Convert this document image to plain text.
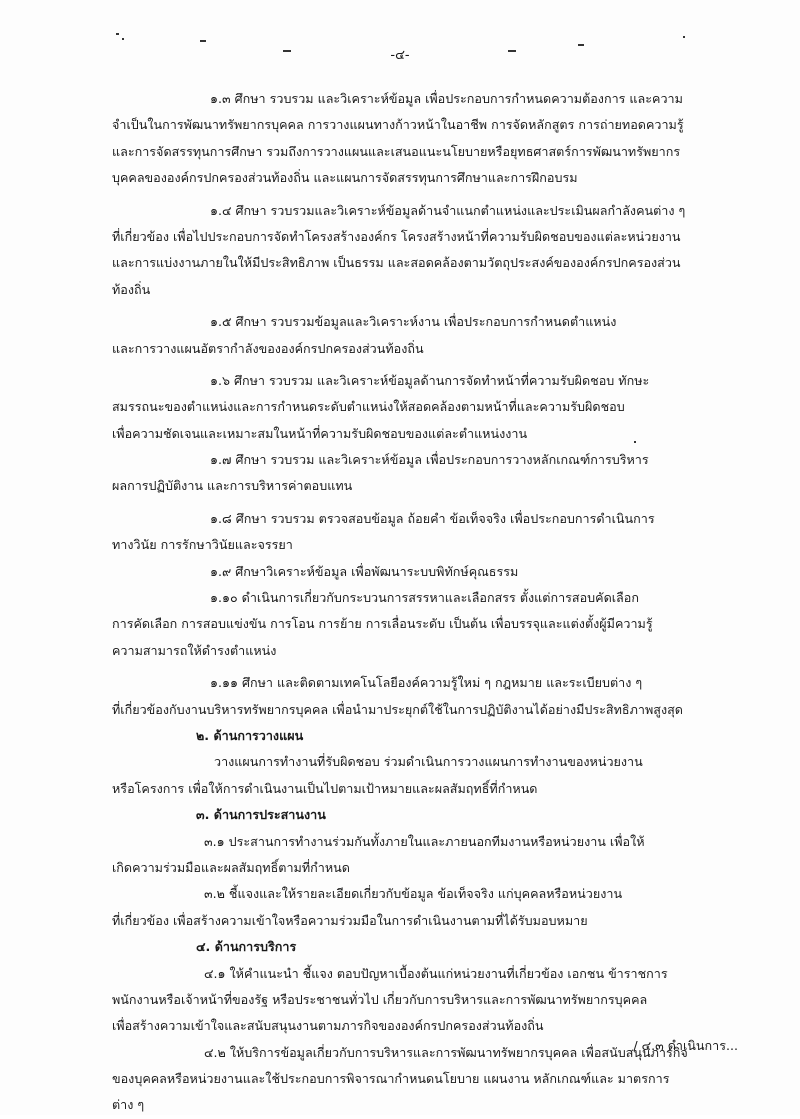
-๔-
๑.๓ ศึกษา รวบรวม และวิเคราะห์ข้อมูล เพื่อประกอบการกำหนดความต้องการ และความ
จำเป็นในการพัฒนาทรัพยากรบุคคล การวางแผนทางก้าวหน้าในอาชีพ การจัดหลักสูตร การถ่ายทอดความรู้
และการจัดสรรทุนการศึกษา รวมถึงการวางแผนและเสนอแนะนโยบายหรือยุทธศาสตร์การพัฒนาทรัพยากร
บุคคลขององค์กรปกครองส่วนท้องถิ่น และแผนการจัดสรรทุนการศึกษาและการฝึกอบรม
๑.๔ ศึกษา รวบรวมและวิเคราะห์ข้อมูลด้านจำแนกตำแหน่งและประเมินผลกำลังคนต่าง ๆ
ที่เกี่ยวข้อง เพื่อไปประกอบการจัดทำโครงสร้างองค์กร โครงสร้างหน้าที่ความรับผิดชอบของแต่ละหน่วยงาน
และการแบ่งงานภายในให้มีประสิทธิภาพ เป็นธรรม และสอดคล้องตามวัตถุประสงค์ขององค์กรปกครองส่วน
ท้องถิ่น
๑.๕ ศึกษา รวบรวมข้อมูลและวิเคราะห์งาน เพื่อประกอบการกำหนดตำแหน่ง
และการวางแผนอัตรากำลังขององค์กรปกครองส่วนท้องถิ่น
๑.๖ ศึกษา รวบรวม และวิเคราะห์ข้อมูลด้านการจัดทำหน้าที่ความรับผิดชอบ ทักษะ
สมรรถนะของตำแหน่งและการกำหนดระดับตำแหน่งให้สอดคล้องตามหน้าที่และความรับผิดชอบ
เพื่อความชัดเจนและเหมาะสมในหน้าที่ความรับผิดชอบของแต่ละตำแหน่งงาน
๑.๗ ศึกษา รวบรวม และวิเคราะห์ข้อมูล เพื่อประกอบการวางหลักเกณฑ์การบริหาร
ผลการปฏิบัติงาน และการบริหารค่าตอบแทน
๑.๘ ศึกษา รวบรวม ตรวจสอบข้อมูล ถ้อยคำ ข้อเท็จจริง เพื่อประกอบการดำเนินการ
ทางวินัย การรักษาวินัยและจรรยา
๑.๙ ศึกษาวิเคราะห์ข้อมูล เพื่อพัฒนาระบบพิทักษ์คุณธรรม
๑.๑๐ ดำเนินการเกี่ยวกับกระบวนการสรรหาและเลือกสรร ตั้งแต่การสอบคัดเลือก
การคัดเลือก การสอบแข่งขัน การโอน การย้าย การเลื่อนระดับ เป็นต้น เพื่อบรรจุและแต่งตั้งผู้มีความรู้
ความสามารถให้ดำรงตำแหน่ง
๑.๑๑ ศึกษา และติดตามเทคโนโลยีองค์ความรู้ใหม่ ๆ กฎหมาย และระเบียบต่าง ๆ
ที่เกี่ยวข้องกับงานบริหารทรัพยากรบุคคล เพื่อนำมาประยุกต์ใช้ในการปฏิบัติงานได้อย่างมีประสิทธิภาพสูงสุด
๒. ด้านการวางแผน
วางแผนการทำงานที่รับผิดชอบ ร่วมดำเนินการวางแผนการทำงานของหน่วยงาน
หรือโครงการ เพื่อให้การดำเนินงานเป็นไปตามเป้าหมายและผลสัมฤทธิ์ที่กำหนด
๓. ด้านการประสานงาน
๓.๑ ประสานการทำงานร่วมกันทั้งภายในและภายนอกทีมงานหรือหน่วยงาน เพื่อให้
เกิดความร่วมมือและผลสัมฤทธิ์ตามที่กำหนด
๓.๒ ชี้แจงและให้รายละเอียดเกี่ยวกับข้อมูล ข้อเท็จจริง แก่บุคคลหรือหน่วยงาน
ที่เกี่ยวข้อง เพื่อสร้างความเข้าใจหรือความร่วมมือในการดำเนินงานตามที่ได้รับมอบหมาย
๔. ด้านการบริการ
๔.๑ ให้คำแนะนำ ชี้แจง ตอบปัญหาเบื้องต้นแก่หน่วยงานที่เกี่ยวข้อง เอกชน ข้าราชการ
พนักงานหรือเจ้าหน้าที่ของรัฐ หรือประชาชนทั่วไป เกี่ยวกับการบริหารและการพัฒนาทรัพยากรบุคคล
เพื่อสร้างความเข้าใจและสนับสนุนงานตามภารกิจขององค์กรปกครองส่วนท้องถิ่น
๔.๒ ให้บริการข้อมูลเกี่ยวกับการบริหารและการพัฒนาทรัพยากรบุคคล เพื่อสนับสนุนภารกิจ
ของบุคคลหรือหน่วยงานและใช้ประกอบการพิจารณากำหนดนโยบาย แผนงาน หลักเกณฑ์และ มาตรการ
ต่าง ๆ
/ ๔.๓ ดำเนินการ...
